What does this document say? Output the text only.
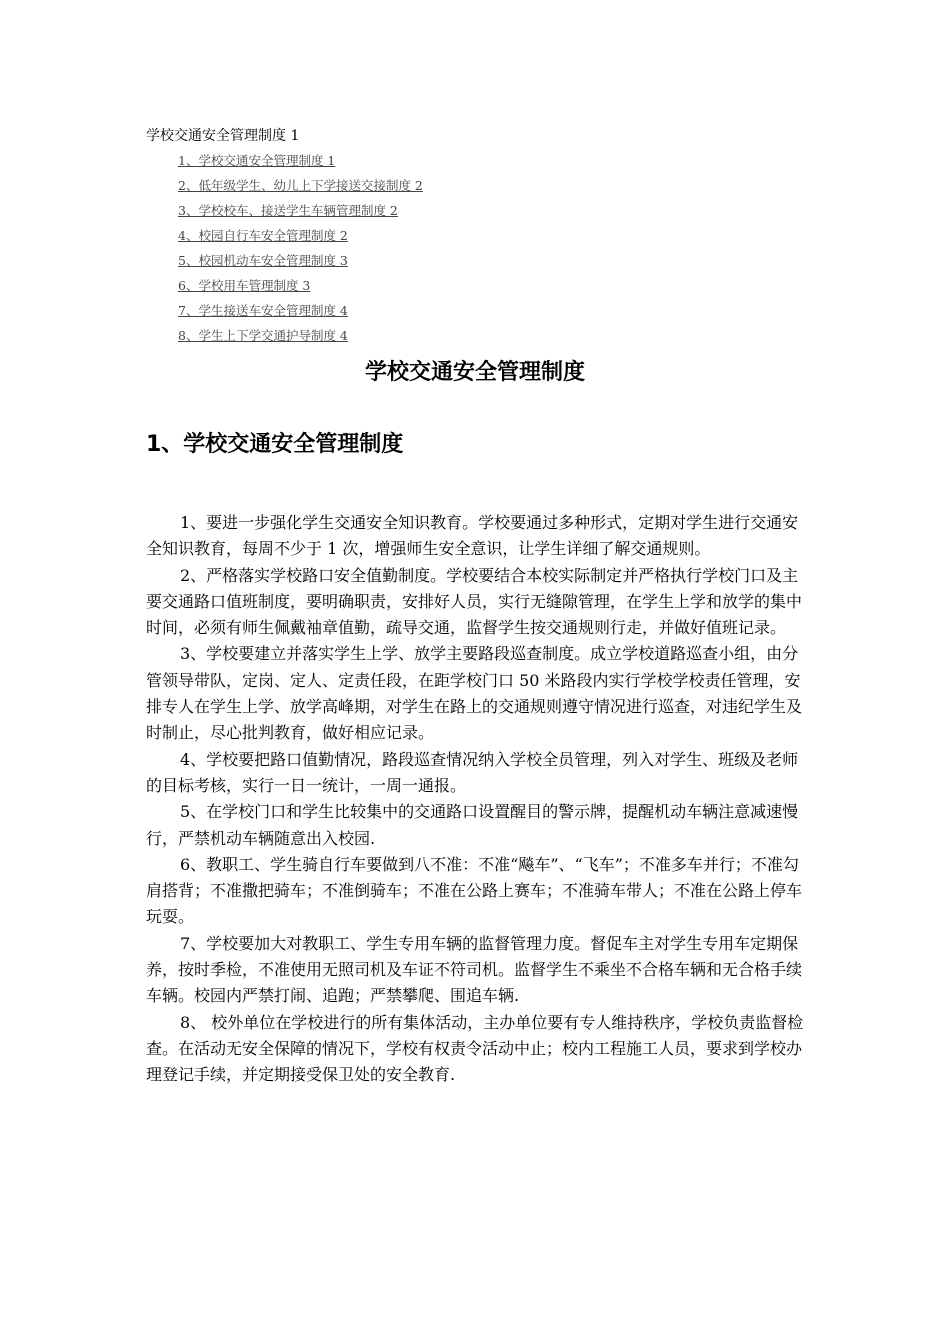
学校交通安全管理制度 1
1、学校交通安全管理制度 1
2、低年级学生、幼儿上下学接送交接制度 2
3、学校校车、接送学生车辆管理制度 2
4、校园自行车安全管理制度 2
5、校园机动车安全管理制度 3
6、学校用车管理制度 3
7、学生接送车安全管理制度 4
8、学生上下学交通护导制度 4
学校交通安全管理制度
1、学校交通安全管理制度

1、要进一步强化学生交通安全知识教育。学校要通过多种形式，定期对学生进行交通安全知识教育，每周不少于 1 次，增强师生安全意识，让学生详细了解交通规则。

2、严格落实学校路口安全值勤制度。学校要结合本校实际制定并严格执行学校门口及主要交通路口值班制度，要明确职责，安排好人员，实行无缝隙管理，在学生上学和放学的集中时间，必须有师生佩戴袖章值勤，疏导交通，监督学生按交通规则行走，并做好值班记录。

3、学校要建立并落实学生上学、放学主要路段巡查制度。成立学校道路巡查小组，由分管领导带队，定岗、定人、定责任段，在距学校门口 50 米路段内实行学校学校责任管理，安排专人在学生上学、放学高峰期，对学生在路上的交通规则遵守情况进行巡查，对违纪学生及时制止，尽心批判教育，做好相应记录。

4、学校要把路口值勤情况，路段巡查情况纳入学校全员管理，列入对学生、班级及老师的目标考核，实行一日一统计，一周一通报。

5、在学校门口和学生比较集中的交通路口设置醒目的警示牌，提醒机动车辆注意减速慢行，严禁机动车辆随意出入校园.

6、教职工、学生骑自行车要做到八不准：不准“飚车”、“飞车”；不准多车并行；不准勾肩搭背；不准撒把骑车；不准倒骑车；不准在公路上赛车；不准骑车带人；不准在公路上停车玩耍。

7、学校要加大对教职工、学生专用车辆的监督管理力度。督促车主对学生专用车定期保养，按时季检，不准使用无照司机及车证不符司机。监督学生不乘坐不合格车辆和无合格手续车辆。校园内严禁打闹、追跑；严禁攀爬、围追车辆.

8、 校外单位在学校进行的所有集体活动，主办单位要有专人维持秩序，学校负责监督检查。在活动无安全保障的情况下，学校有权责令活动中止；校内工程施工人员，要求到学校办理登记手续，并定期接受保卫处的安全教育.
